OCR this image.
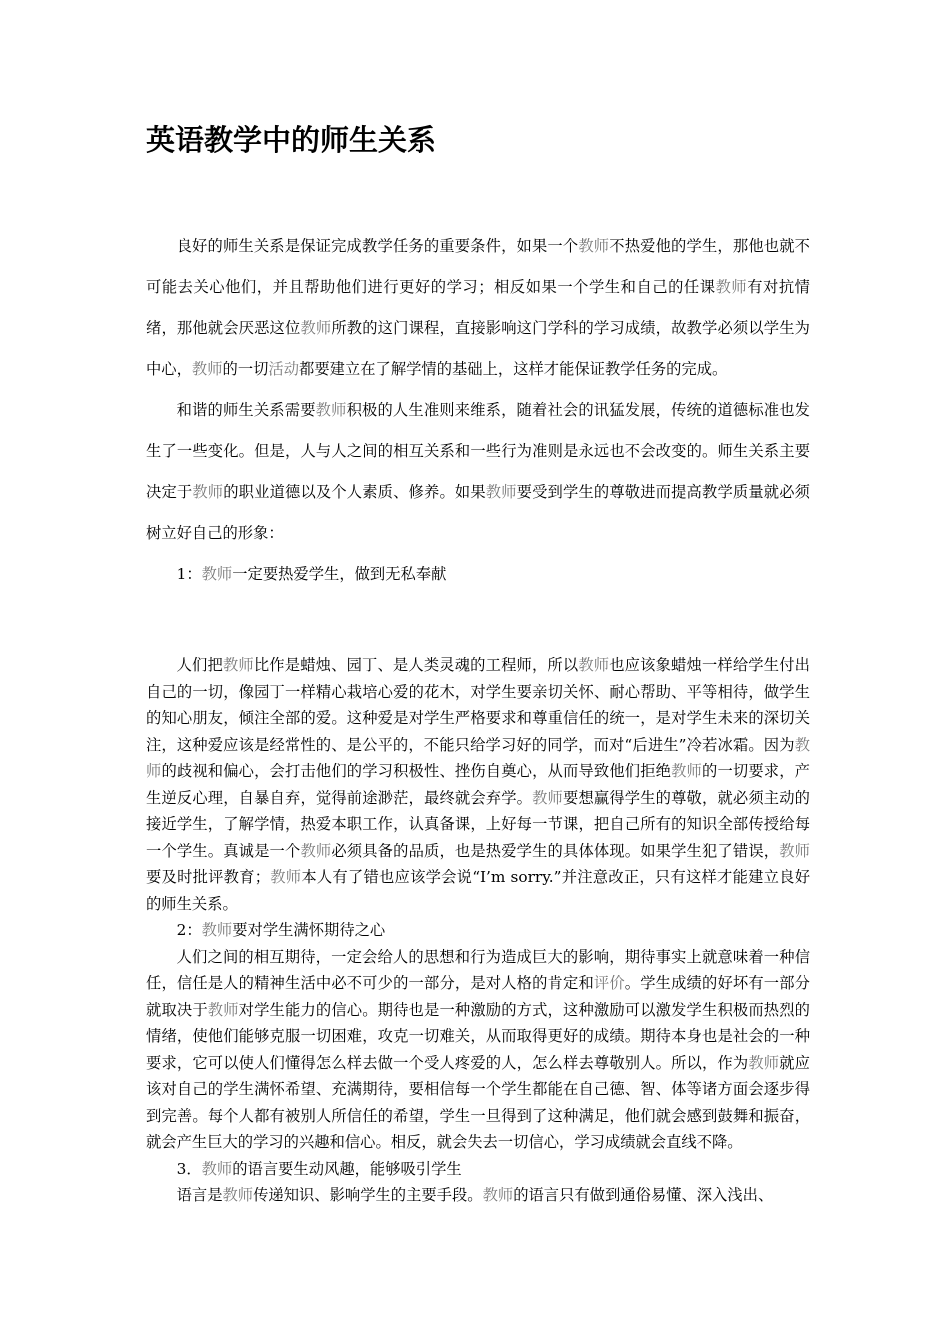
英语教学中的师生关系

良好的师生关系是保证完成教学任务的重要条件，如果一个教师不热爱他的学生，那他也就不可能去关心他们，并且帮助他们进行更好的学习；相反如果一个学生和自己的任课教师有对抗情绪，那他就会厌恶这位教师所教的这门课程，直接影响这门学科的学习成绩，故教学必须以学生为中心，教师的一切活动都要建立在了解学情的基础上，这样才能保证教学任务的完成。

和谐的师生关系需要教师积极的人生准则来维系，随着社会的讯猛发展，传统的道德标准也发生了一些变化。但是，人与人之间的相互关系和一些行为准则是永远也不会改变的。师生关系主要决定于教师的职业道德以及个人素质、修养。如果教师要受到学生的尊敬进而提高教学质量就必须树立好自己的形象：

1：教师一定要热爱学生，做到无私奉献

人们把教师比作是蜡烛、园丁、是人类灵魂的工程师，所以教师也应该象蜡烛一样给学生付出自己的一切，像园丁一样精心栽培心爱的花木，对学生要亲切关怀、耐心帮助、平等相待，做学生的知心朋友，倾注全部的爱。这种爱是对学生严格要求和尊重信任的统一，是对学生未来的深切关注，这种爱应该是经常性的、是公平的，不能只给学习好的同学，而对“后进生”冷若冰霜。因为教师的歧视和偏心，会打击他们的学习积极性、挫伤自奠心，从而导致他们拒绝教师的一切要求，产生逆反心理，自暴自弃，觉得前途渺茫，最终就会弃学。教师要想赢得学生的尊敬，就必须主动的接近学生，了解学情，热爱本职工作，认真备课，上好每一节课，把自己所有的知识全部传授给每一个学生。真诚是一个教师必须具备的品质，也是热爱学生的具体体现。如果学生犯了错误，教师要及时批评教育；教师本人有了错也应该学会说“I’m sorry.”并注意改正，只有这样才能建立良好的师生关系。

2：教师要对学生满怀期待之心

人们之间的相互期待，一定会给人的思想和行为造成巨大的影响，期待事实上就意味着一种信任，信任是人的精神生活中必不可少的一部分，是对人格的肯定和评价。学生成绩的好坏有一部分就取决于教师对学生能力的信心。期待也是一种激励的方式，这种激励可以激发学生积极而热烈的情绪，使他们能够克服一切困难，攻克一切难关，从而取得更好的成绩。期待本身也是社会的一种要求，它可以使人们懂得怎么样去做一个受人疼爱的人，怎么样去尊敬别人。所以，作为教师就应该对自己的学生满怀希望、充满期待，要相信每一个学生都能在自己德、智、体等诸方面会逐步得到完善。每个人都有被别人所信任的希望，学生一旦得到了这种满足，他们就会感到鼓舞和振奋，就会产生巨大的学习的兴趣和信心。相反，就会失去一切信心，学习成绩就会直线不降。

3．教师的语言要生动风趣，能够吸引学生

语言是教师传递知识、影响学生的主要手段。教师的语言只有做到通俗易懂、深入浅出、
